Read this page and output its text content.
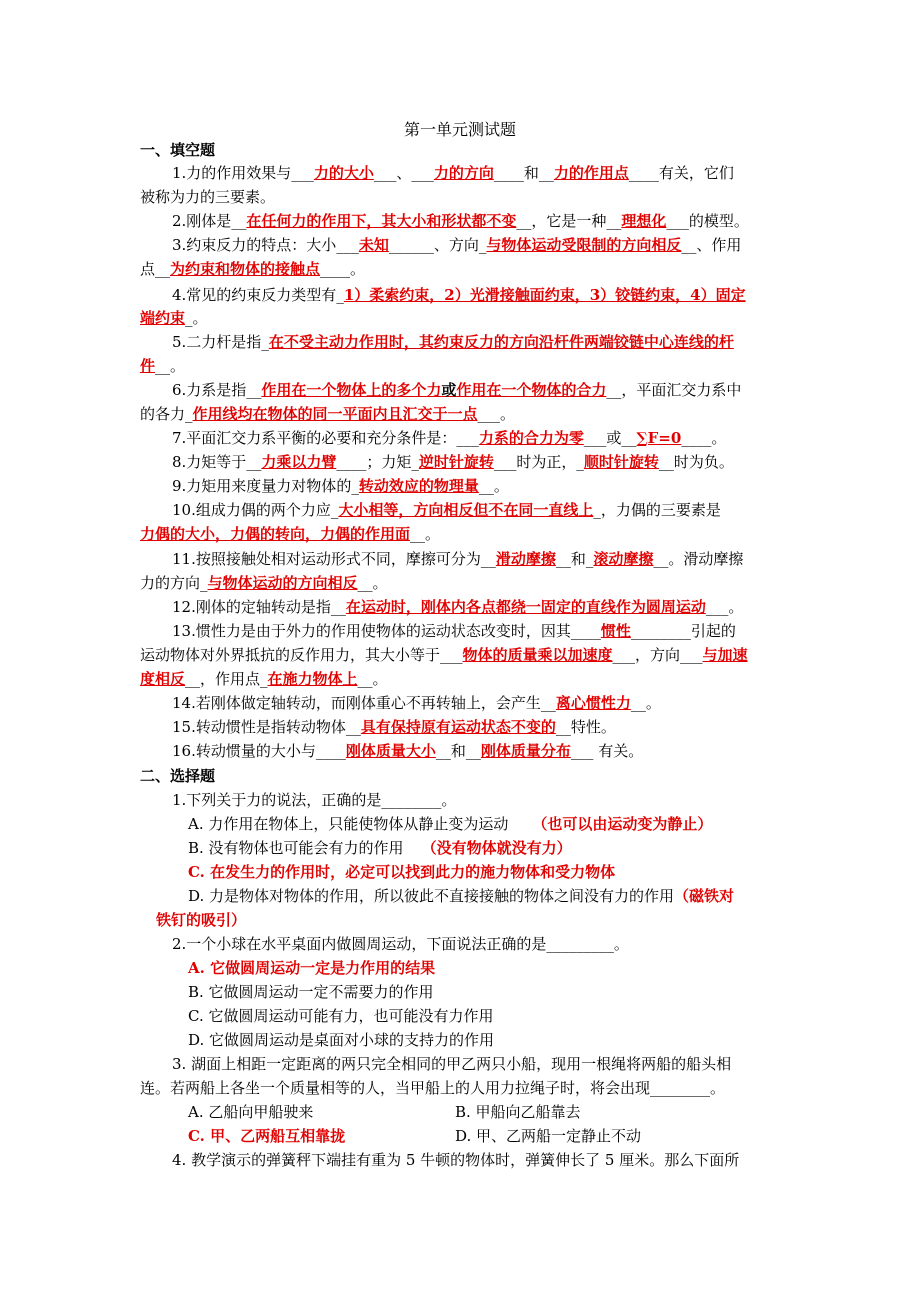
第一单元测试题
一、填空题
1.力的作用效果与___力的大小___、___力的方向____和__力的作用点____有关，它们
被称为力的三要素。
2.刚体是__在任何力的作用下，其大小和形状都不变__，它是一种__理想化___的模型。
3.约束反力的特点：大小___未知______、方向_与物体运动受限制的方向相反__、作用
点__为约束和物体的接触点____。
4.常见的约束反力类型有_1）柔索约束，2）光滑接触面约束，3）铰链约束，4）固定
端约束_。
5.二力杆是指_在不受主动力作用时，其约束反力的方向沿杆件两端铰链中心连线的杆
件__。
6.力系是指__作用在一个物体上的多个力或作用在一个物体的合力__，平面汇交力系中
的各力_作用线均在物体的同一平面内且汇交于一点___。
7.平面汇交力系平衡的必要和充分条件是：___力系的合力为零___或__∑F=0____。
8.力矩等于__力乘以力臂____；力矩_逆时针旋转___时为正，_顺时针旋转__时为负。
9.力矩用来度量力对物体的_转动效应的物理量__。
10.组成力偶的两个力应_大小相等，方向相反但不在同一直线上_，力偶的三要素是
力偶的大小，力偶的转向，力偶的作用面__。
11.按照接触处相对运动形式不同，摩擦可分为__滑动摩擦__和_滚动摩擦__。滑动摩擦
力的方向_与物体运动的方向相反__。
12.刚体的定轴转动是指__在运动时，刚体内各点都绕一固定的直线作为圆周运动___。
13.惯性力是由于外力的作用使物体的运动状态改变时，因其____惯性________引起的
运动物体对外界抵抗的反作用力，其大小等于___物体的质量乘以加速度___，方向___与加速
度相反__，作用点_在施力物体上__。
14.若刚体做定轴转动，而刚体重心不再转轴上，会产生__离心惯性力__。
15.转动惯性是指转动物体__具有保持原有运动状态不变的__特性。
16.转动惯量的大小与____刚体质量大小__和__刚体质量分布___ 有关。
二、选择题
1.下列关于力的说法，正确的是________。
A. 力作用在物体上，只能使物体从静止变为运动 （也可以由运动变为静止）
B. 没有物体也可能会有力的作用 （没有物体就没有力）
C. 在发生力的作用时，必定可以找到此力的施力物体和受力物体
D. 力是物体对物体的作用，所以彼此不直接接触的物体之间没有力的作用（磁铁对
铁钉的吸引）
2.一个小球在水平桌面内做圆周运动，下面说法正确的是_________。
A. 它做圆周运动一定是力作用的结果
B. 它做圆周运动一定不需要力的作用
C. 它做圆周运动可能有力，也可能没有力作用
D. 它做圆周运动是桌面对小球的支持力的作用
3. 湖面上相距一定距离的两只完全相同的甲乙两只小船，现用一根绳将两船的船头相
连。若两船上各坐一个质量相等的人，当甲船上的人用力拉绳子时，将会出现________。
A. 乙船向甲船驶来	B. 甲船向乙船靠去
C. 甲、乙两船互相靠拢	D. 甲、乙两船一定静止不动
4. 教学演示的弹簧秤下端挂有重为 5 牛顿的物体时，弹簧伸长了 5 厘米。那么下面所
